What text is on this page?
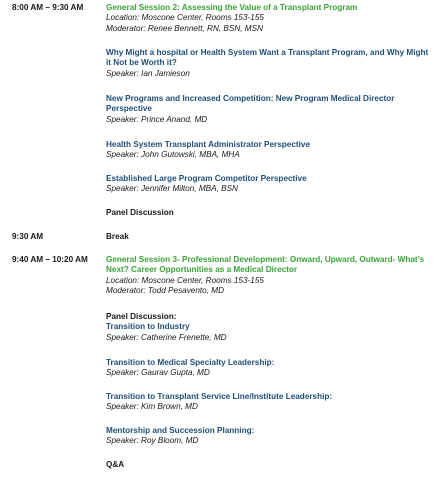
8:00 AM – 9:30 AM	General Session 2: Assessing the Value of a Transplant Program
Location: Moscone Center, Rooms 153-155
Moderator: Renee Bennett, RN, BSN, MSN
Why Might a hospital or Health System Want a Transplant Program, and Why Might it Not be Worth it?
Speaker: Ian Jamieson
New Programs and Increased Competition: New Program Medical Director Perspective
Speaker: Prince Anand, MD
Health System Transplant Administrator Perspective
Speaker: John Gutowski, MBA, MHA
Established Large Program Competitor Perspective
Speaker: Jennifer Milton, MBA, BSN
Panel Discussion
9:30 AM	Break
9:40 AM – 10:20 AM General Session 3- Professional Development: Onward, Upward, Outward- What’s Next? Career Opportunities as a Medical Director
Location: Moscone Center, Rooms 153-155
Moderator: Todd Pesavento, MD
Panel Discussion:
Transition to Industry
Speaker: Catherine Frenette, MD
Transition to Medical Specialty Leadership:
Speaker: Gaurav Gupta, MD
Transition to Transplant Service Line/Institute Leadership:
Speaker: Kim Brown, MD
Mentorship and Succession Planning:
Speaker: Roy Bloom, MD
Q&A
